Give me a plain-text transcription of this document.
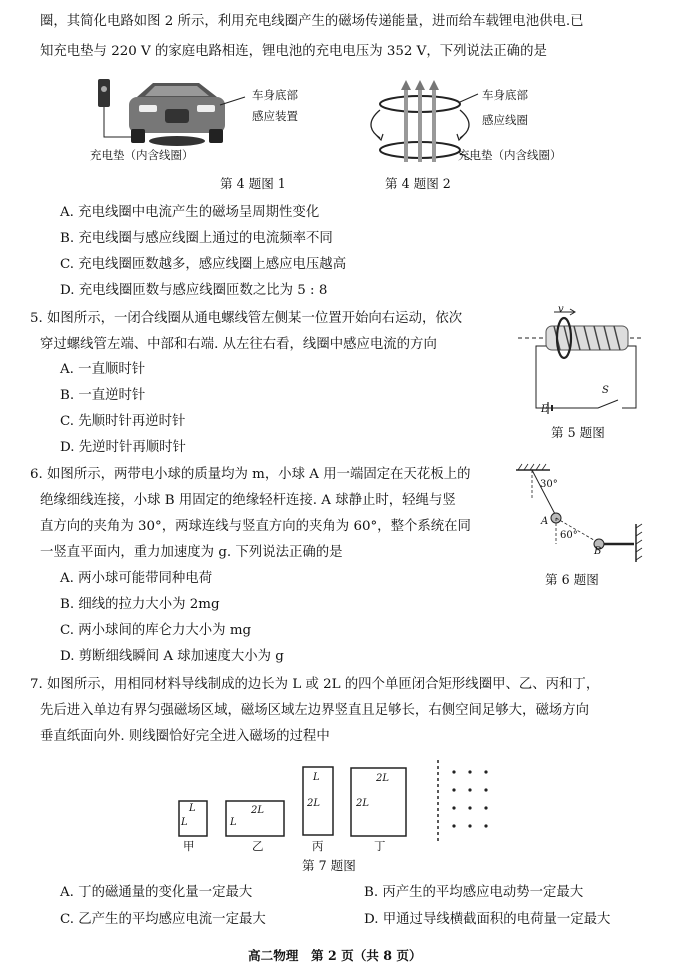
圈，其简化电路如图 2 所示，利用充电线圈产生的磁场传递能量，进而给车载锂电池供电.已
知充电垫与 220 V 的家庭电路相连，锂电池的充电电压为 352 V，下列说法正确的是
车身底部
感应装置
充电垫（内含线圈）
车身底部
感应线圈
充电垫（内含线圈）
第 4 题图 1	第 4 题图 2
A. 充电线圈中电流产生的磁场呈周期性变化
B. 充电线圈与感应线圈上通过的电流频率不同
C. 充电线圈匝数越多，感应线圈上感应电压越高
D. 充电线圈匝数与感应线圈匝数之比为 5 : 8
5. 如图所示，一闭合线圈从通电螺线管左侧某一位置开始向右运动，依次
穿过螺线管左端、中部和右端. 从左往右看，线圈中感应电流的方向
A. 一直顺时针
B. 一直逆时针
C. 先顺时针再逆时针
D. 先逆时针再顺时针
v
E
S
第 5 题图
6. 如图所示，两带电小球的质量均为 m，小球 A 用一端固定在天花板上的
绝缘细线连接，小球 B 用固定的绝缘轻杆连接. A 球静止时，轻绳与竖
直方向的夹角为 30°，两球连线与竖直方向的夹角为 60°，整个系统在同
一竖直平面内，重力加速度为 g. 下列说法正确的是
A. 两小球可能带同种电荷
B. 细线的拉力大小为 2mg
C. 两小球间的库仑力大小为 mg
D. 剪断细线瞬间 A 球加速度大小为 g
30°
A
60°
B
第 6 题图
7. 如图所示，用相同材料导线制成的边长为 L 或 2L 的四个单匝闭合矩形线圈甲、乙、丙和丁，
先后进入单边有界匀强磁场区域，磁场区域左边界竖直且足够长，右侧空间足够大，磁场方向
垂直纸面向外. 则线圈恰好完全进入磁场的过程中
L
L
甲
2L
L
乙
L
2L
丙
2L
2L
丁
第 7 题图
A. 丁的磁通量的变化量一定最大	B. 丙产生的平均感应电动势一定最大
C. 乙产生的平均感应电流一定最大	D. 甲通过导线横截面积的电荷量一定最大
高二物理　第 2 页（共 8 页）
